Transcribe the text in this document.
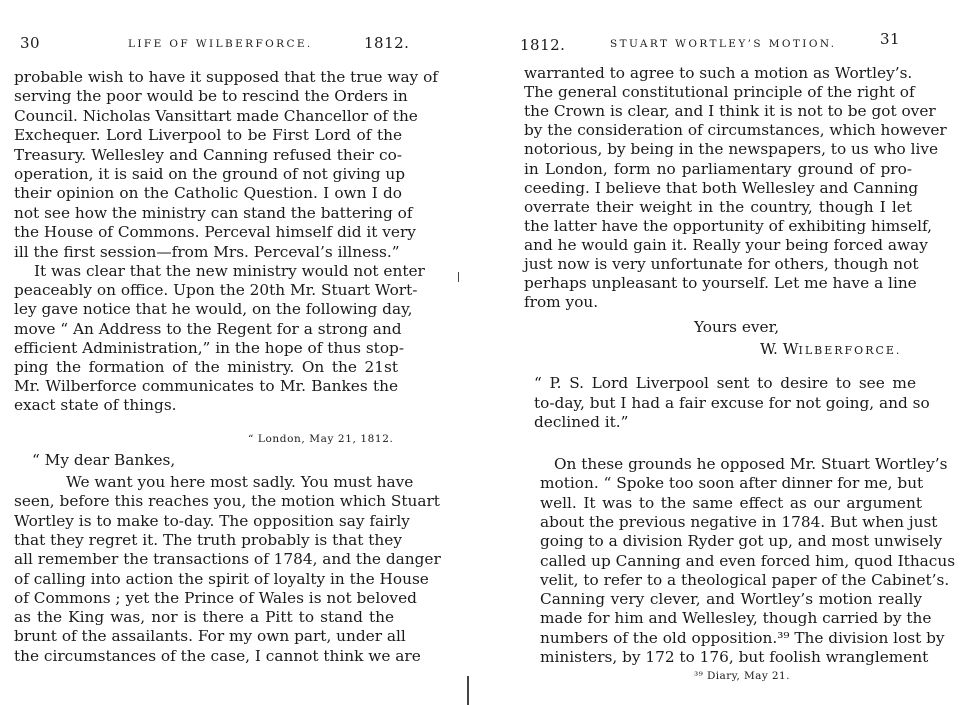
30	LIFE OF WILBERFORCE.	1812.
probable wish to have it supposed that the true way of
serving the poor would be to rescind the Orders in
Council. Nicholas Vansittart made Chancellor of the
Exchequer. Lord Liverpool to be First Lord of the
Treasury. Wellesley and Canning refused their co-
operation, it is said on the ground of not giving up
their opinion on the Catholic Question. I own I do
not see how the ministry can stand the battering of
the House of Commons. Perceval himself did it very
ill the first session—from Mrs. Perceval’s illness.”
It was clear that the new ministry would not enter
peaceably on office. Upon the 20th Mr. Stuart Wort-
ley gave notice that he would, on the following day,
move “ An Address to the Regent for a strong and
efficient Administration,” in the hope of thus stop-
ping the formation of the ministry. On the 21st
Mr. Wilberforce communicates to Mr. Bankes the
exact state of things.
“ London, May 21, 1812.
“ My dear Bankes,
We want you here most sadly. You must have
seen, before this reaches you, the motion which Stuart
Wortley is to make to-day. The opposition say fairly
that they regret it. The truth probably is that they
all remember the transactions of 1784, and the danger
of calling into action the spirit of loyalty in the House
of Commons ; yet the Prince of Wales is not beloved
as the King was, nor is there a Pitt to stand the
brunt of the assailants. For my own part, under all
the circumstances of the case, I cannot think we are
1812.	STUART WORTLEY’S MOTION.	31
warranted to agree to such a motion as Wortley’s.
The general constitutional principle of the right of
the Crown is clear, and I think it is not to be got over
by the consideration of circumstances, which however
notorious, by being in the newspapers, to us who live
in London, form no parliamentary ground of pro-
ceeding. I believe that both Wellesley and Canning
overrate their weight in the country, though I let
the latter have the opportunity of exhibiting himself,
and he would gain it. Really your being forced away
just now is very unfortunate for others, though not
perhaps unpleasant to yourself. Let me have a line
from you.
Yours ever,
W. WILBERFORCE.
“ P. S. Lord Liverpool sent to desire to see me
to-day, but I had a fair excuse for not going, and so
declined it.”
On these grounds he opposed Mr. Stuart Wortley’s
motion. “ Spoke too soon after dinner for me, but
well. It was to the same effect as our argument
about the previous negative in 1784. But when just
going to a division Ryder got up, and most unwisely
called up Canning and even forced him, quod Ithacus
velit, to refer to a theological paper of the Cabinet’s.
Canning very clever, and Wortley’s motion really
made for him and Wellesley, though carried by the
numbers of the old opposition.³⁹ The division lost by
ministers, by 172 to 176, but foolish wranglement
³⁹ Diary, May 21.
